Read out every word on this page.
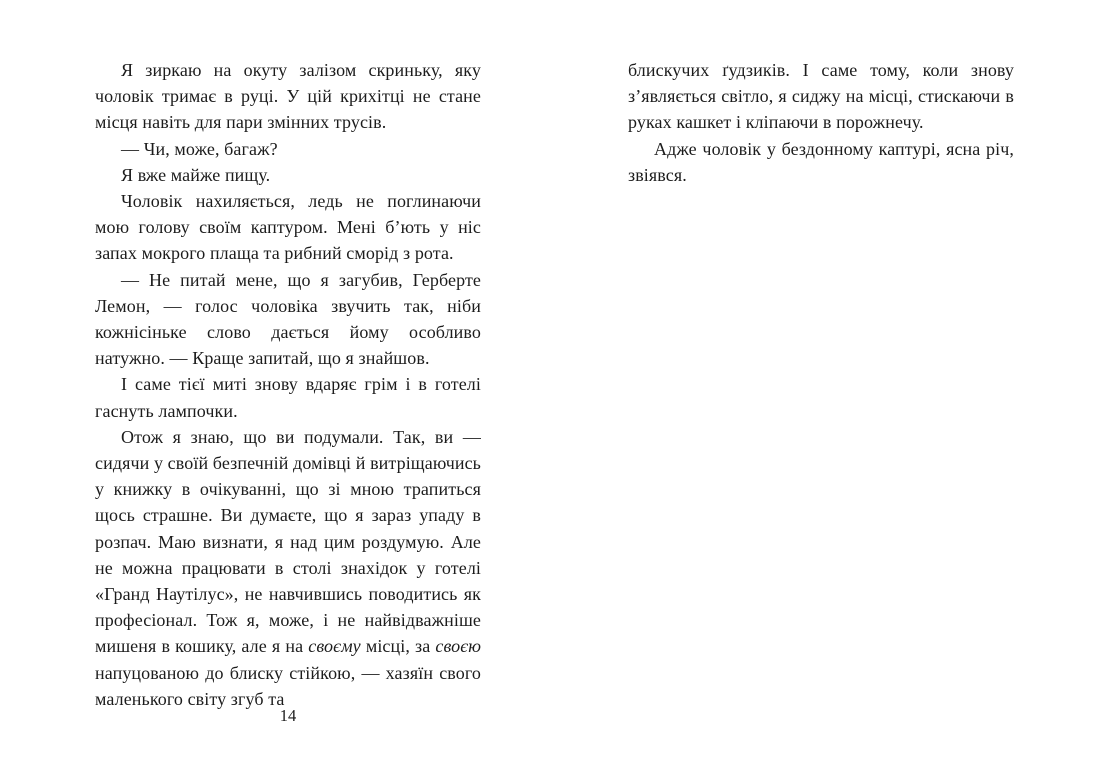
Я зиркаю на окуту залізом скриньку, яку чоловік тримає в руці. У цій крихітці не стане місця навіть для пари змінних трусів.

— Чи, може, багаж?

Я вже майже пищу.

Чоловік нахиляється, ледь не поглинаючи мою голову своїм каптуром. Мені б’ють у ніс запах мокрого плаща та рибний сморід з рота.

— Не питай мене, що я загубив, Герберте Лемон, — голос чоловіка звучить так, ніби кожнісіньке слово дається йому особливо натужно. — Краще запитай, що я знайшов.

І саме тієї миті знову вдаряє грім і в готелі гаснуть лампочки.

Отож я знаю, що ви подумали. Так, ви — сидячи у своїй безпечній домівці й витріщаючись у книжку в очікуванні, що зі мною трапиться щось страшне. Ви думаєте, що я зараз упаду в розпач. Маю визнати, я над цим роздумую. Але не можна працювати в столі знахідок у готелі «Гранд Наутілус», не навчившись поводитись як професіонал. Тож я, може, і не найвідважніше мишеня в кошику, але я на своєму місці, за своєю напуцованою до блиску стійкою, — хазяїн свого маленького світу згуб та

блискучих ґудзиків. І саме тому, коли знову з’являється світло, я сиджу на місці, стискаючи в руках кашкет і кліпаючи в порожнечу.

Адже чоловік у бездонному каптурі, ясна річ, звіявся.

14
